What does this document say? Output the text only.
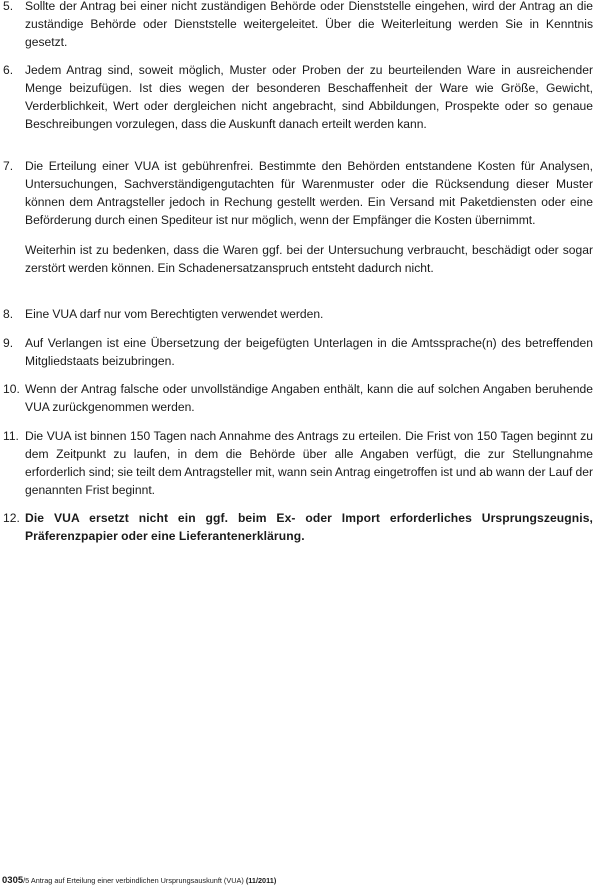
5. Sollte der Antrag bei einer nicht zuständigen Behörde oder Dienststelle eingehen, wird der Antrag an die zuständige Behörde oder Dienststelle weitergeleitet. Über die Weiterleitung werden Sie in Kenntnis gesetzt.

6. Jedem Antrag sind, soweit möglich, Muster oder Proben der zu beurteilenden Ware in ausreichender Menge beizufügen. Ist dies wegen der besonderen Beschaffenheit der Ware wie Größe, Gewicht, Verderblichkeit, Wert oder dergleichen nicht angebracht, sind Abbildungen, Prospekte oder so genaue Beschreibungen vorzulegen, dass die Auskunft danach erteilt werden kann.

7. Die Erteilung einer VUA ist gebührenfrei. Bestimmte den Behörden entstandene Kosten für Analysen, Untersuchungen, Sachverständigengutachten für Warenmuster oder die Rücksendung dieser Muster können dem Antragsteller jedoch in Rechung gestellt werden. Ein Versand mit Paketdiensten oder eine Beförderung durch einen Spediteur ist nur möglich, wenn der Empfänger die Kosten übernimmt.

Weiterhin ist zu bedenken, dass die Waren ggf. bei der Untersuchung verbraucht, beschädigt oder sogar zerstört werden können. Ein Schadenersatzanspruch entsteht dadurch nicht.

8. Eine VUA darf nur vom Berechtigten verwendet werden.

9. Auf Verlangen ist eine Übersetzung der beigefügten Unterlagen in die Amtssprache(n) des betreffenden Mitgliedstaats beizubringen.

10. Wenn der Antrag falsche oder unvollständige Angaben enthält, kann die auf solchen Angaben beruhende VUA zurückgenommen werden.

11. Die VUA ist binnen 150 Tagen nach Annahme des Antrags zu erteilen. Die Frist von 150 Tagen beginnt zu dem Zeitpunkt zu laufen, in dem die Behörde über alle Angaben verfügt, die zur Stellungnahme erforderlich sind; sie teilt dem Antragsteller mit, wann sein Antrag eingetroffen ist und ab wann der Lauf der genannten Frist beginnt.

12. Die VUA ersetzt nicht ein ggf. beim Ex- oder Import erforderliches Ursprungszeugnis, Präferenzpapier oder eine Lieferantenerklärung.

0305/5 Antrag auf Erteilung einer verbindlichen Ursprungsauskunft (VUA) (11/2011)
